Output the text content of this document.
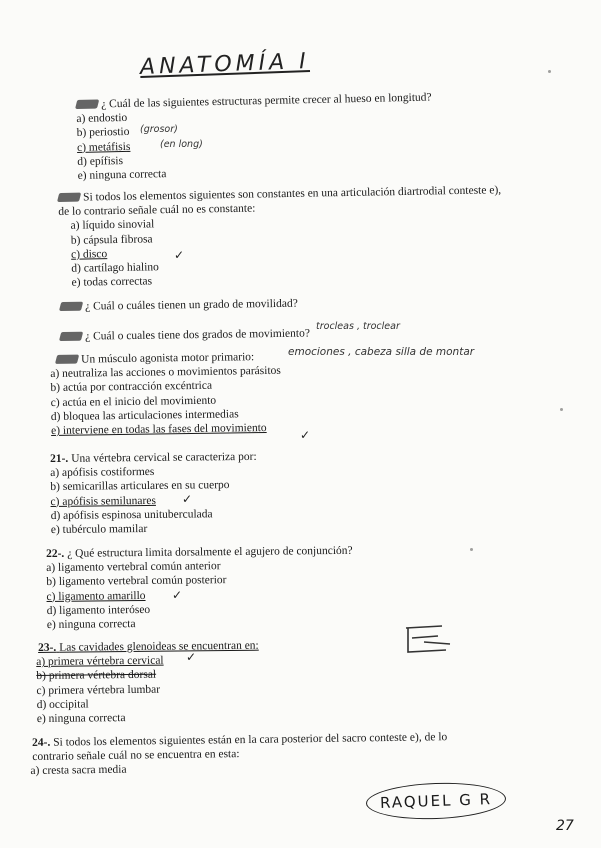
ANATOMÍA I
¿ Cuál de las siguientes estructuras permite crecer al hueso en longitud?
a) endostio
b) periostio
c) metáfisis
d) epífisis
e) ninguna correcta
(grosor)
(en long)
Si todos los elementos siguientes son constantes en una articulación diartrodial conteste e), de lo contrario señale cuál no es constante:
a) líquido sinovial
b) cápsula fibrosa
c) disco
d) cartílago hialino
e) todas correctas
✓
¿ Cuál o cuáles tienen un grado de movilidad?
¿ Cuál o cuales tiene dos grados de movimiento?
trocleas , troclear
Un músculo agonista motor primario:
a) neutraliza las acciones o movimientos parásitos
b) actúa por contracción excéntrica
c) actúa en el inicio del movimiento
d) bloquea las articulaciones intermedias
e) interviene en todas las fases del movimiento
emociones , cabeza silla de montar
✓
21-. Una vértebra cervical se caracteriza por:
a) apófisis costiformes
b) semicarillas articulares en su cuerpo
c) apófisis semilunares
d) apófisis espinosa unituberculada
e) tubérculo mamilar
✓
22-. ¿ Qué estructura limita dorsalmente el agujero de conjunción?
a) ligamento vertebral común anterior
b) ligamento vertebral común posterior
c) ligamento amarillo
d) ligamento interóseo
e) ninguna correcta
✓
23-. Las cavidades glenoideas se encuentran en:
a) primera vértebra cervical
b) primera vértebra dorsal
c) primera vértebra lumbar
d) occipital
e) ninguna correcta
✓
24-. Si todos los elementos siguientes están en la cara posterior del sacro conteste e), de lo contrario señale cuál no se encuentra en esta:
a) cresta sacra media
RAQUEL G R
27
